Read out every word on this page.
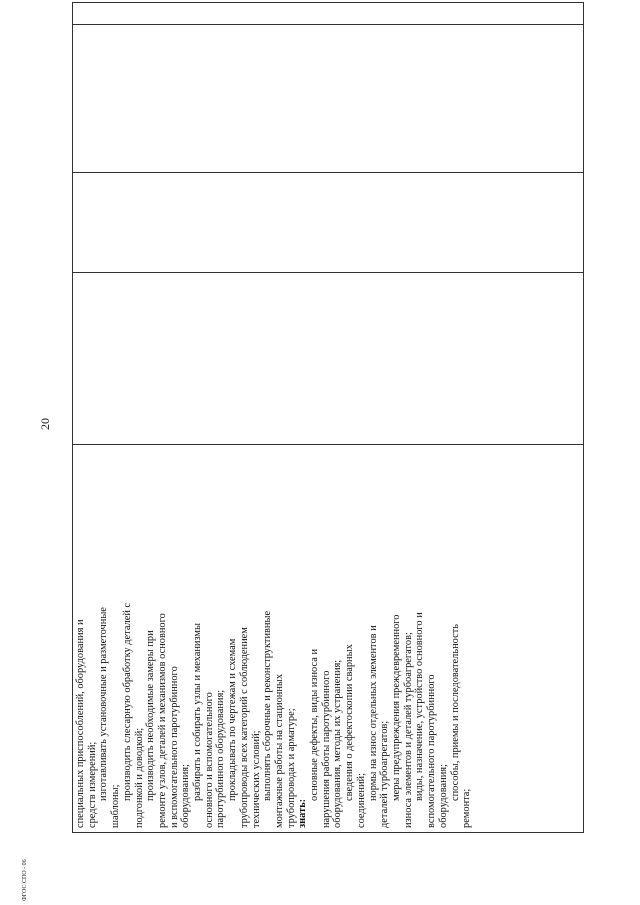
20
специальных приспособлений, оборудования и средств измерений; изготавливать установочные и разметочные
шаблоны;
производить слесарную обработку деталей с подгонкой и доводкой; производить необходимые замеры при ремонте узлов, деталей и механизмов основного и вспомогательного паротурбинного оборудования; разбирать и собирать узлы и механизмы основного и вспомогательного паротурбинного оборудования; прокладывать по чертежам и схемам трубопроводы всех категорий с соблюдением технических условий; выполнять сборочные и реконструктивные монтажные работы на стационных трубопроводах и арматуре; знать:
основные дефекты, виды износа и нарушения работы паротурбинного оборудования, методы их устранения; сведения о дефектоскопии сварных соединений; нормы на износ отдельных элементов и деталей турбоагрегатов; меры предупреждения преждевременного износа элементов и деталей турбоагрегатов; виды, назначение, устройство основного и вспомогательного паротурбинного оборудования; способы, приемы и последовательность
ремонта;

ФГОС СПО - 06
